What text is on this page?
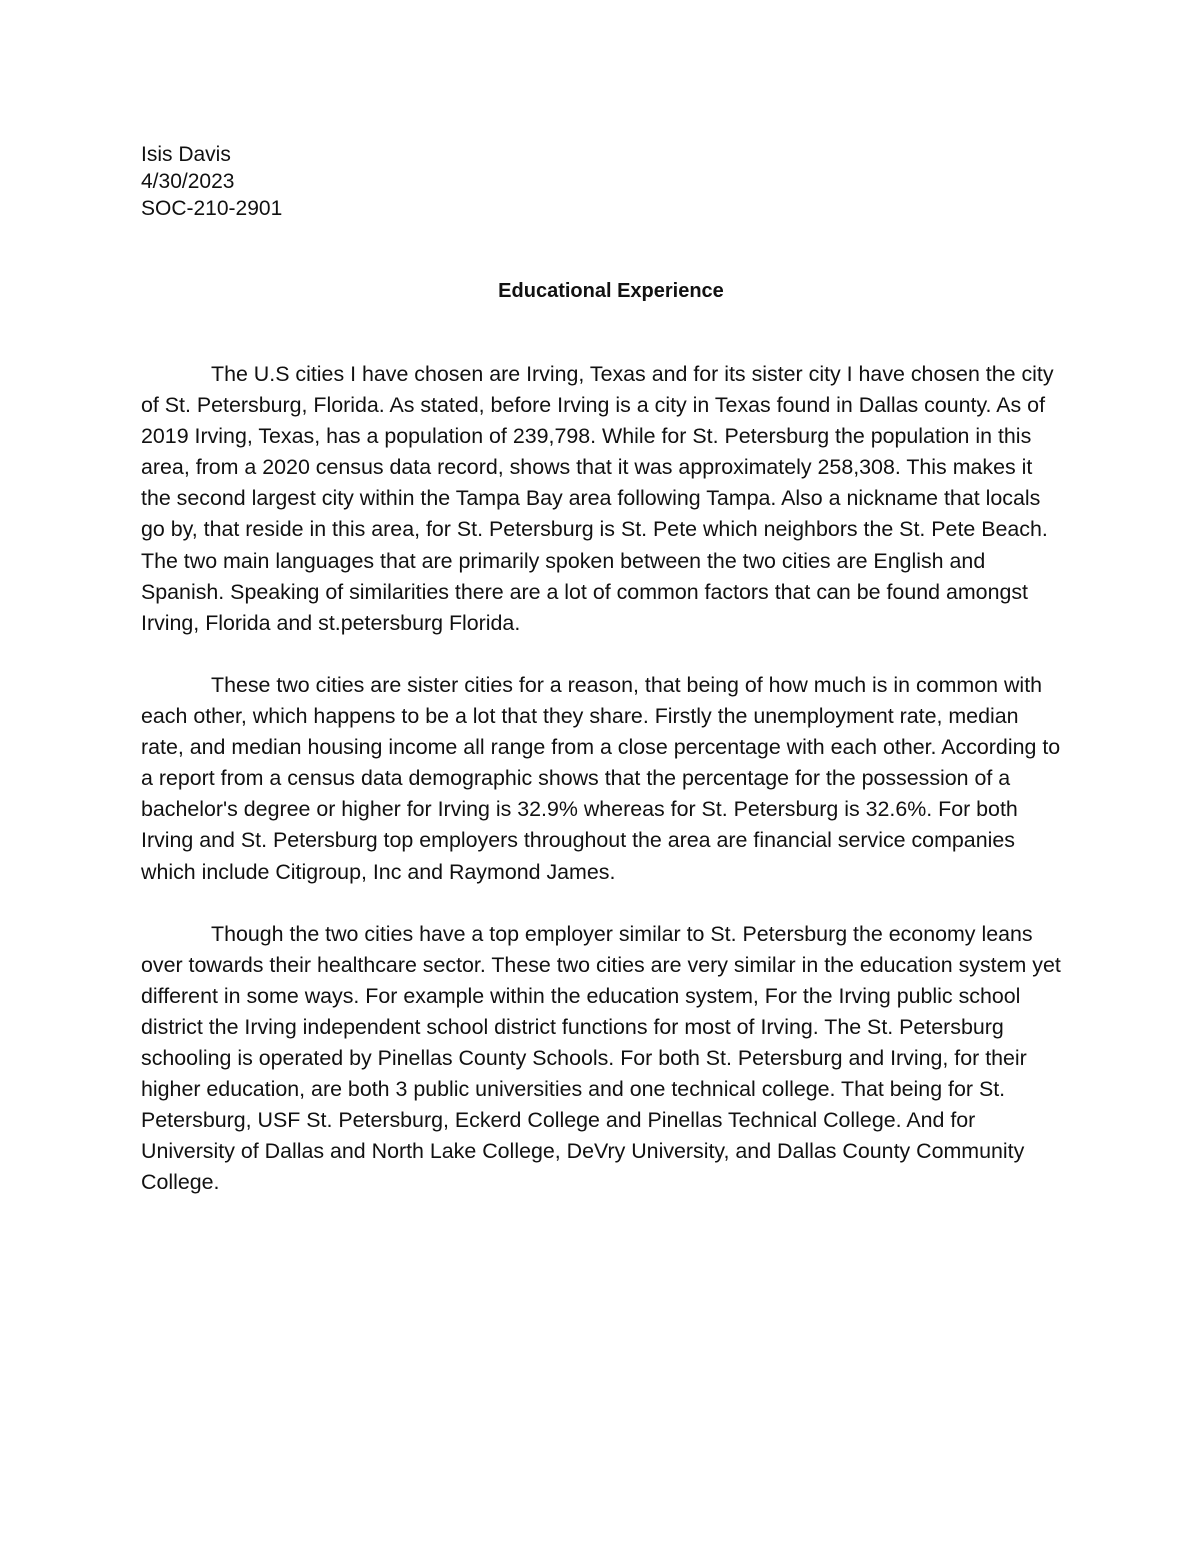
Isis Davis
4/30/2023
SOC-210-2901
Educational Experience

The U.S cities I have chosen are Irving, Texas and for its sister city I have chosen the city of St. Petersburg, Florida. As stated, before Irving is a city in Texas found in Dallas county. As of 2019 Irving, Texas, has a population of 239,798. While for St. Petersburg the population in this area, from a 2020 census data record, shows that it was approximately 258,308. This makes it the second largest city within the Tampa Bay area following Tampa. Also a nickname that locals go by, that reside in this area, for St. Petersburg is St. Pete which neighbors the St. Pete Beach. The two main languages that are primarily spoken between the two cities are English and Spanish. Speaking of similarities there are a lot of common factors that can be found amongst Irving, Florida and st.petersburg Florida.

These two cities are sister cities for a reason, that being of how much is in common with each other, which happens to be a lot that they share. Firstly the unemployment rate, median rate, and median housing income all range from a close percentage with each other. According to a report from a census data demographic shows that the percentage for the possession of a bachelor's degree or higher for Irving is 32.9% whereas for St. Petersburg is 32.6%. For both Irving and St. Petersburg top employers throughout the area are financial service companies which include Citigroup, Inc and Raymond James.

Though the two cities have a top employer similar to St. Petersburg the economy leans over towards their healthcare sector. These two cities are very similar in the education system yet different in some ways. For example within the education system, For the Irving public school district the Irving independent school district functions for most of Irving. The St. Petersburg schooling is operated by Pinellas County Schools. For both St. Petersburg and Irving, for their higher education, are both 3 public universities and one technical college. That being for St. Petersburg, USF St. Petersburg, Eckerd College and Pinellas Technical College. And for University of Dallas and North Lake College, DeVry University, and Dallas County Community College.
